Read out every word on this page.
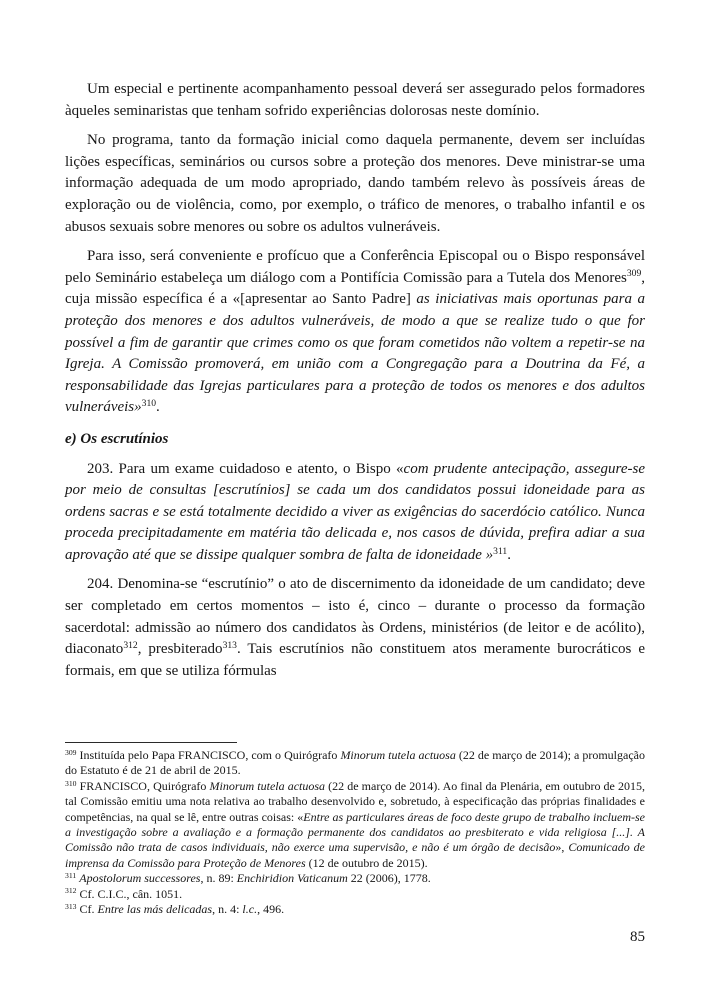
Um especial e pertinente acompanhamento pessoal deverá ser assegurado pelos formadores àqueles seminaristas que tenham sofrido experiências dolorosas neste domínio.

No programa, tanto da formação inicial como daquela permanente, devem ser incluídas lições específicas, seminários ou cursos sobre a proteção dos menores. Deve ministrar-se uma informação adequada de um modo apropriado, dando também relevo às possíveis áreas de exploração ou de violência, como, por exemplo, o tráfico de menores, o trabalho infantil e os abusos sexuais sobre menores ou sobre os adultos vulneráveis.

Para isso, será conveniente e profícuo que a Conferência Episcopal ou o Bispo responsável pelo Seminário estabeleça um diálogo com a Pontifícia Comissão para a Tutela dos Menores$^{309}$, cuja missão específica é a «[apresentar ao Santo Padre] as iniciativas mais oportunas para a proteção dos menores e dos adultos vulneráveis, de modo a que se realize tudo o que for possível a fim de garantir que crimes como os que foram cometidos não voltem a repetir-se na Igreja. A Comissão promoverá, em união com a Congregação para a Doutrina da Fé, a responsabilidade das Igrejas particulares para a proteção de todos os menores e dos adultos vulneráveis»$^{310}$.

e) Os escrutínios

203. Para um exame cuidadoso e atento, o Bispo «com prudente antecipação, assegure-se por meio de consultas [escrutínios] se cada um dos candidatos possui idoneidade para as ordens sacras e se está totalmente decidido a viver as exigências do sacerdócio católico. Nunca proceda precipitadamente em matéria tão delicada e, nos casos de dúvida, prefira adiar a sua aprovação até que se dissipe qualquer sombra de falta de idoneidade »$^{311}$.

204. Denomina-se “escrutínio” o ato de discernimento da idoneidade de um candidato; deve ser completado em certos momentos – isto é, cinco – durante o processo da formação sacerdotal: admissão ao número dos candidatos às Ordens, ministérios (de leitor e de acólito), diaconato$^{312}$, presbiterado$^{313}$. Tais escrutínios não constituem atos meramente burocráticos e formais, em que se utiliza fórmulas

$^{309}$ Instituída pelo Papa FRANCISCO, com o Quirógrafo Minorum tutela actuosa (22 de março de 2014); a promulgação do Estatuto é de 21 de abril de 2015.

$^{310}$ FRANCISCO, Quirógrafo Minorum tutela actuosa (22 de março de 2014). Ao final da Plenária, em outubro de 2015, tal Comissão emitiu uma nota relativa ao trabalho desenvolvido e, sobretudo, à especificação das próprias finalidades e competências, na qual se lê, entre outras coisas: «Entre as particulares áreas de foco deste grupo de trabalho incluem-se a investigação sobre a avaliação e a formação permanente dos candidatos ao presbiterato e vida religiosa [...]. A Comissão não trata de casos individuais, não exerce uma supervisão, e não é um órgão de decisão», Comunicado de imprensa da Comissão para Proteção de Menores (12 de outubro de 2015).

$^{311}$ Apostolorum successores, n. 89: Enchiridion Vaticanum 22 (2006), 1778.

$^{312}$ Cf. C.I.C., cân. 1051.

$^{313}$ Cf. Entre las más delicadas, n. 4: l.c., 496.

85
